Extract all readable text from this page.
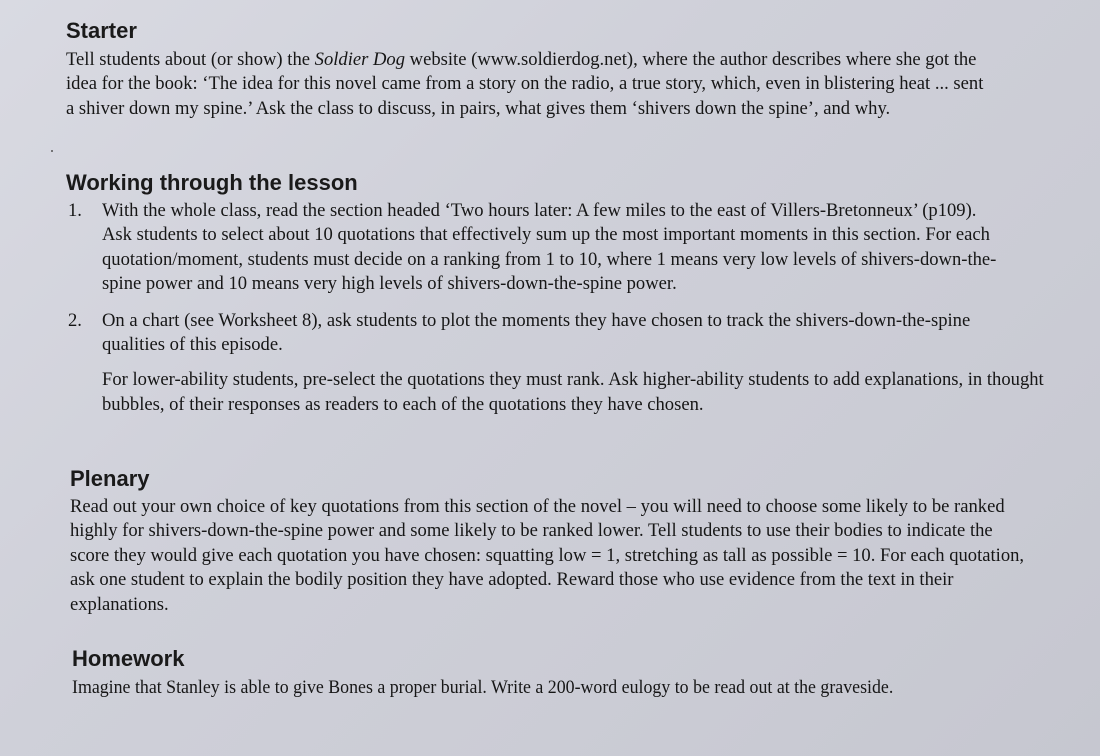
Starter

Tell students about (or show) the Soldier Dog website (www.soldierdog.net), where the author describes where she got the idea for the book: ‘The idea for this novel came from a story on the radio, a true story, which, even in blistering heat ... sent a shiver down my spine.’ Ask the class to discuss, in pairs, what gives them ‘shivers down the spine’, and why.

Working through the lesson
1. With the whole class, read the section headed ‘Two hours later: A few miles to the east of Villers-Bretonneux’ (p109). Ask students to select about 10 quotations that effectively sum up the most important moments in this section. For each quotation/moment, students must decide on a ranking from 1 to 10, where 1 means very low levels of shivers-down-the-spine power and 10 means very high levels of shivers-down-the-spine power.

2. On a chart (see Worksheet 8), ask students to plot the moments they have chosen to track the shivers-down-the-spine qualities of this episode.

For lower-ability students, pre-select the quotations they must rank. Ask higher-ability students to add explanations, in thought bubbles, of their responses as readers to each of the quotations they have chosen.

Plenary

Read out your own choice of key quotations from this section of the novel – you will need to choose some likely to be ranked highly for shivers-down-the-spine power and some likely to be ranked lower. Tell students to use their bodies to indicate the score they would give each quotation you have chosen: squatting low = 1, stretching as tall as possible = 10. For each quotation, ask one student to explain the bodily position they have adopted. Reward those who use evidence from the text in their explanations.

Homework

Imagine that Stanley is able to give Bones a proper burial. Write a 200-word eulogy to be read out at the graveside.
